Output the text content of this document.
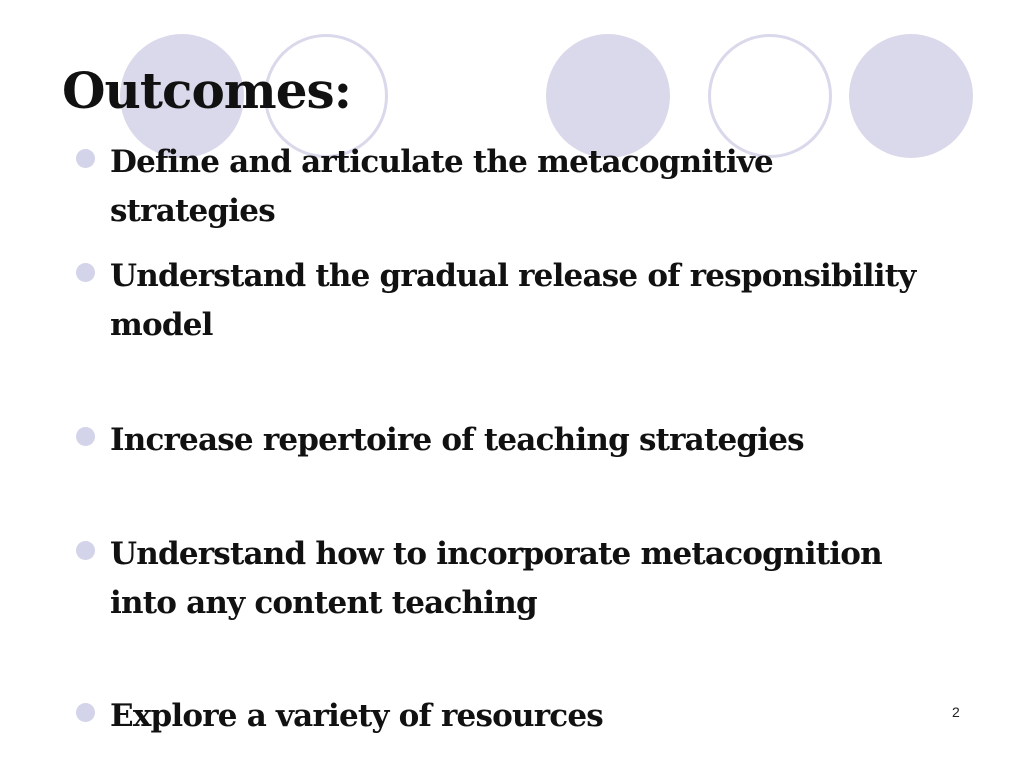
Outcomes:
Define and articulate the metacognitive strategies
Understand the gradual release of responsibility model
Increase repertoire of teaching strategies
Understand how to incorporate metacognition into any content teaching
Explore a variety of resources	2
